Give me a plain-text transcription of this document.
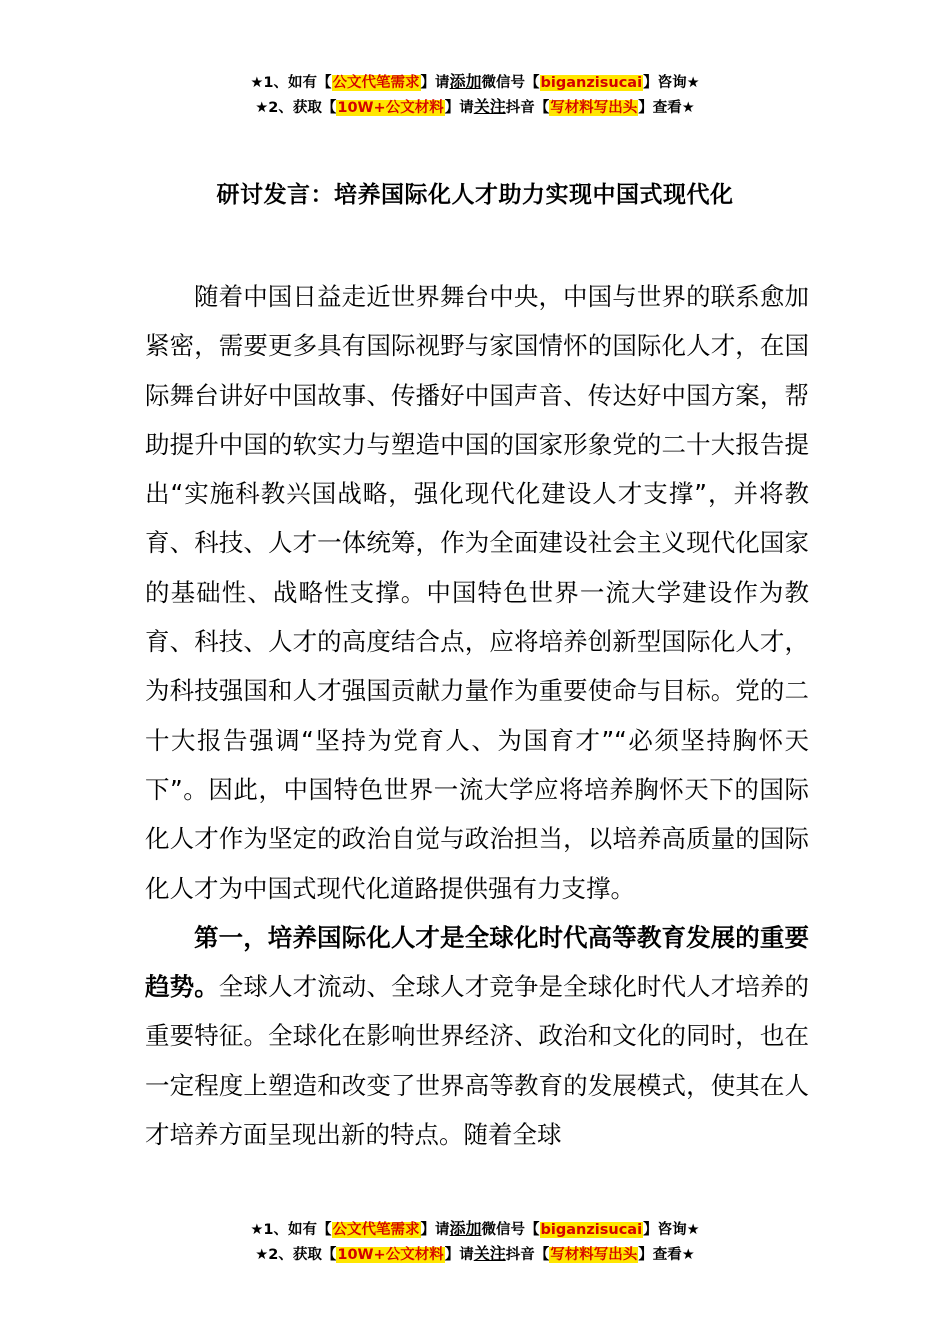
★1、如有【公文代笔需求】请添加微信号【biganzisucai】咨询★
★2、获取【10W+公文材料】请关注抖音【写材料写出头】查看★
研讨发言：培养国际化人才助力实现中国式现代化

随着中国日益走近世界舞台中央，中国与世界的联系愈加紧密，需要更多具有国际视野与家国情怀的国际化人才，在国际舞台讲好中国故事、传播好中国声音、传达好中国方案，帮助提升中国的软实力与塑造中国的国家形象党的二十大报告提出“实施科教兴国战略，强化现代化建设人才支撑”，并将教育、科技、人才一体统筹，作为全面建设社会主义现代化国家的基础性、战略性支撑。中国特色世界一流大学建设作为教育、科技、人才的高度结合点，应将培养创新型国际化人才，为科技强国和人才强国贡献力量作为重要使命与目标。党的二十大报告强调“坚持为党育人、为国育才”“必须坚持胸怀天下”。因此，中国特色世界一流大学应将培养胸怀天下的国际化人才作为坚定的政治自觉与政治担当，以培养高质量的国际化人才为中国式现代化道路提供强有力支撑。

第一，培养国际化人才是全球化时代高等教育发展的重要趋势。全球人才流动、全球人才竞争是全球化时代人才培养的重要特征。全球化在影响世界经济、政治和文化的同时，也在一定程度上塑造和改变了世界高等教育的发展模式，使其在人才培养方面呈现出新的特点。随着全球

★1、如有【公文代笔需求】请添加微信号【biganzisucai】咨询★
★2、获取【10W+公文材料】请关注抖音【写材料写出头】查看★
